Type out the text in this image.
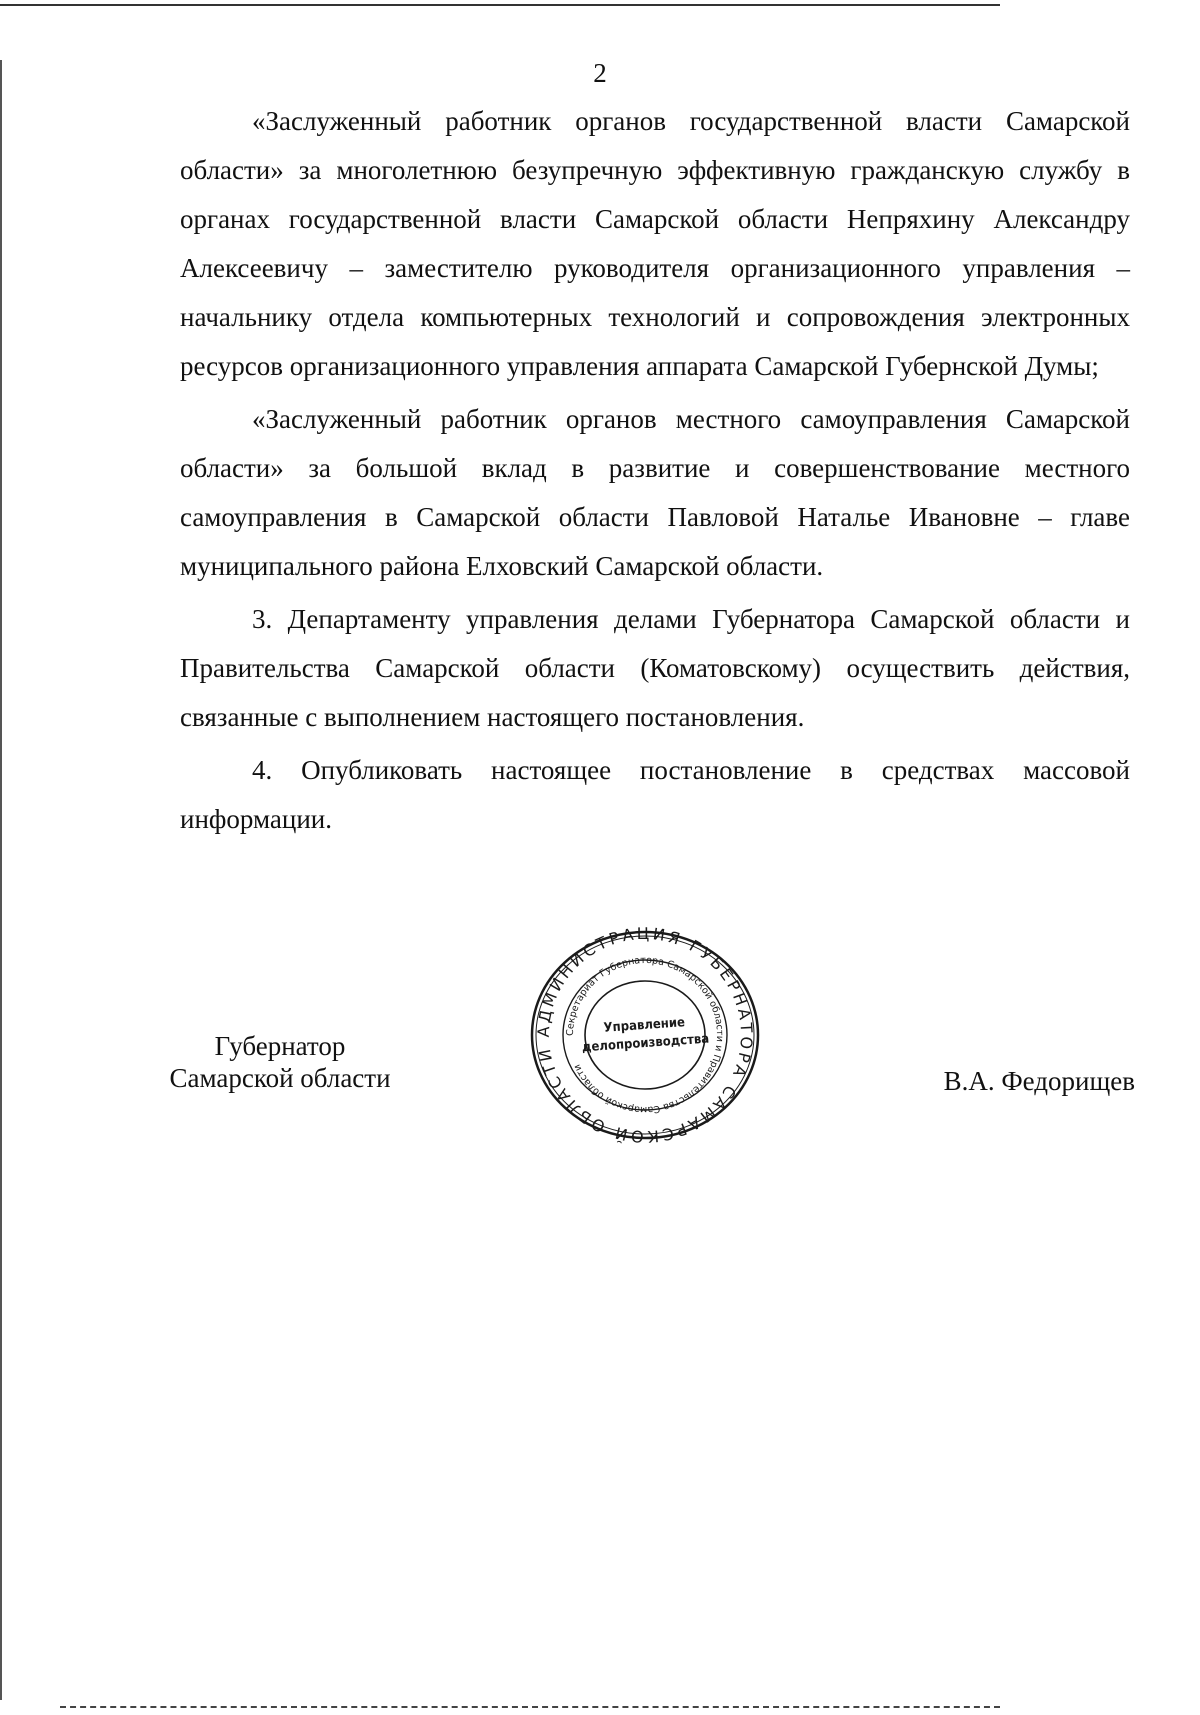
2

«Заслуженный работник органов государственной власти Самарской области» за многолетнюю безупречную эффективную гражданскую службу в органах государственной власти Самарской области Непряхину Александру Алексеевичу – заместителю руководителя организационного управления – начальнику отдела компьютерных технологий и сопровождения электронных ресурсов организационного управления аппарата Самарской Губернской Думы;

«Заслуженный работник органов местного самоуправления Самарской области» за большой вклад в развитие и совершенствование местного самоуправления в Самарской области Павловой Наталье Ивановне – главе муниципального района Елховский Самарской области.

3. Департаменту управления делами Губернатора Самарской области и Правительства Самарской области (Коматовскому) осуществить действия, связанные с выполнением настоящего постановления.

4. Опубликовать настоящее постановление в средствах массовой информации.

Губернатор
Самарской области
АДМИНИСТРАЦИЯ ГУБЕРНАТОРА САМАРСКОЙ ОБЛАСТИ
Секретариат Губернатора Самарской области и Правительства Самарской области
Управление
делопроизводства
В.А. Федорищев
